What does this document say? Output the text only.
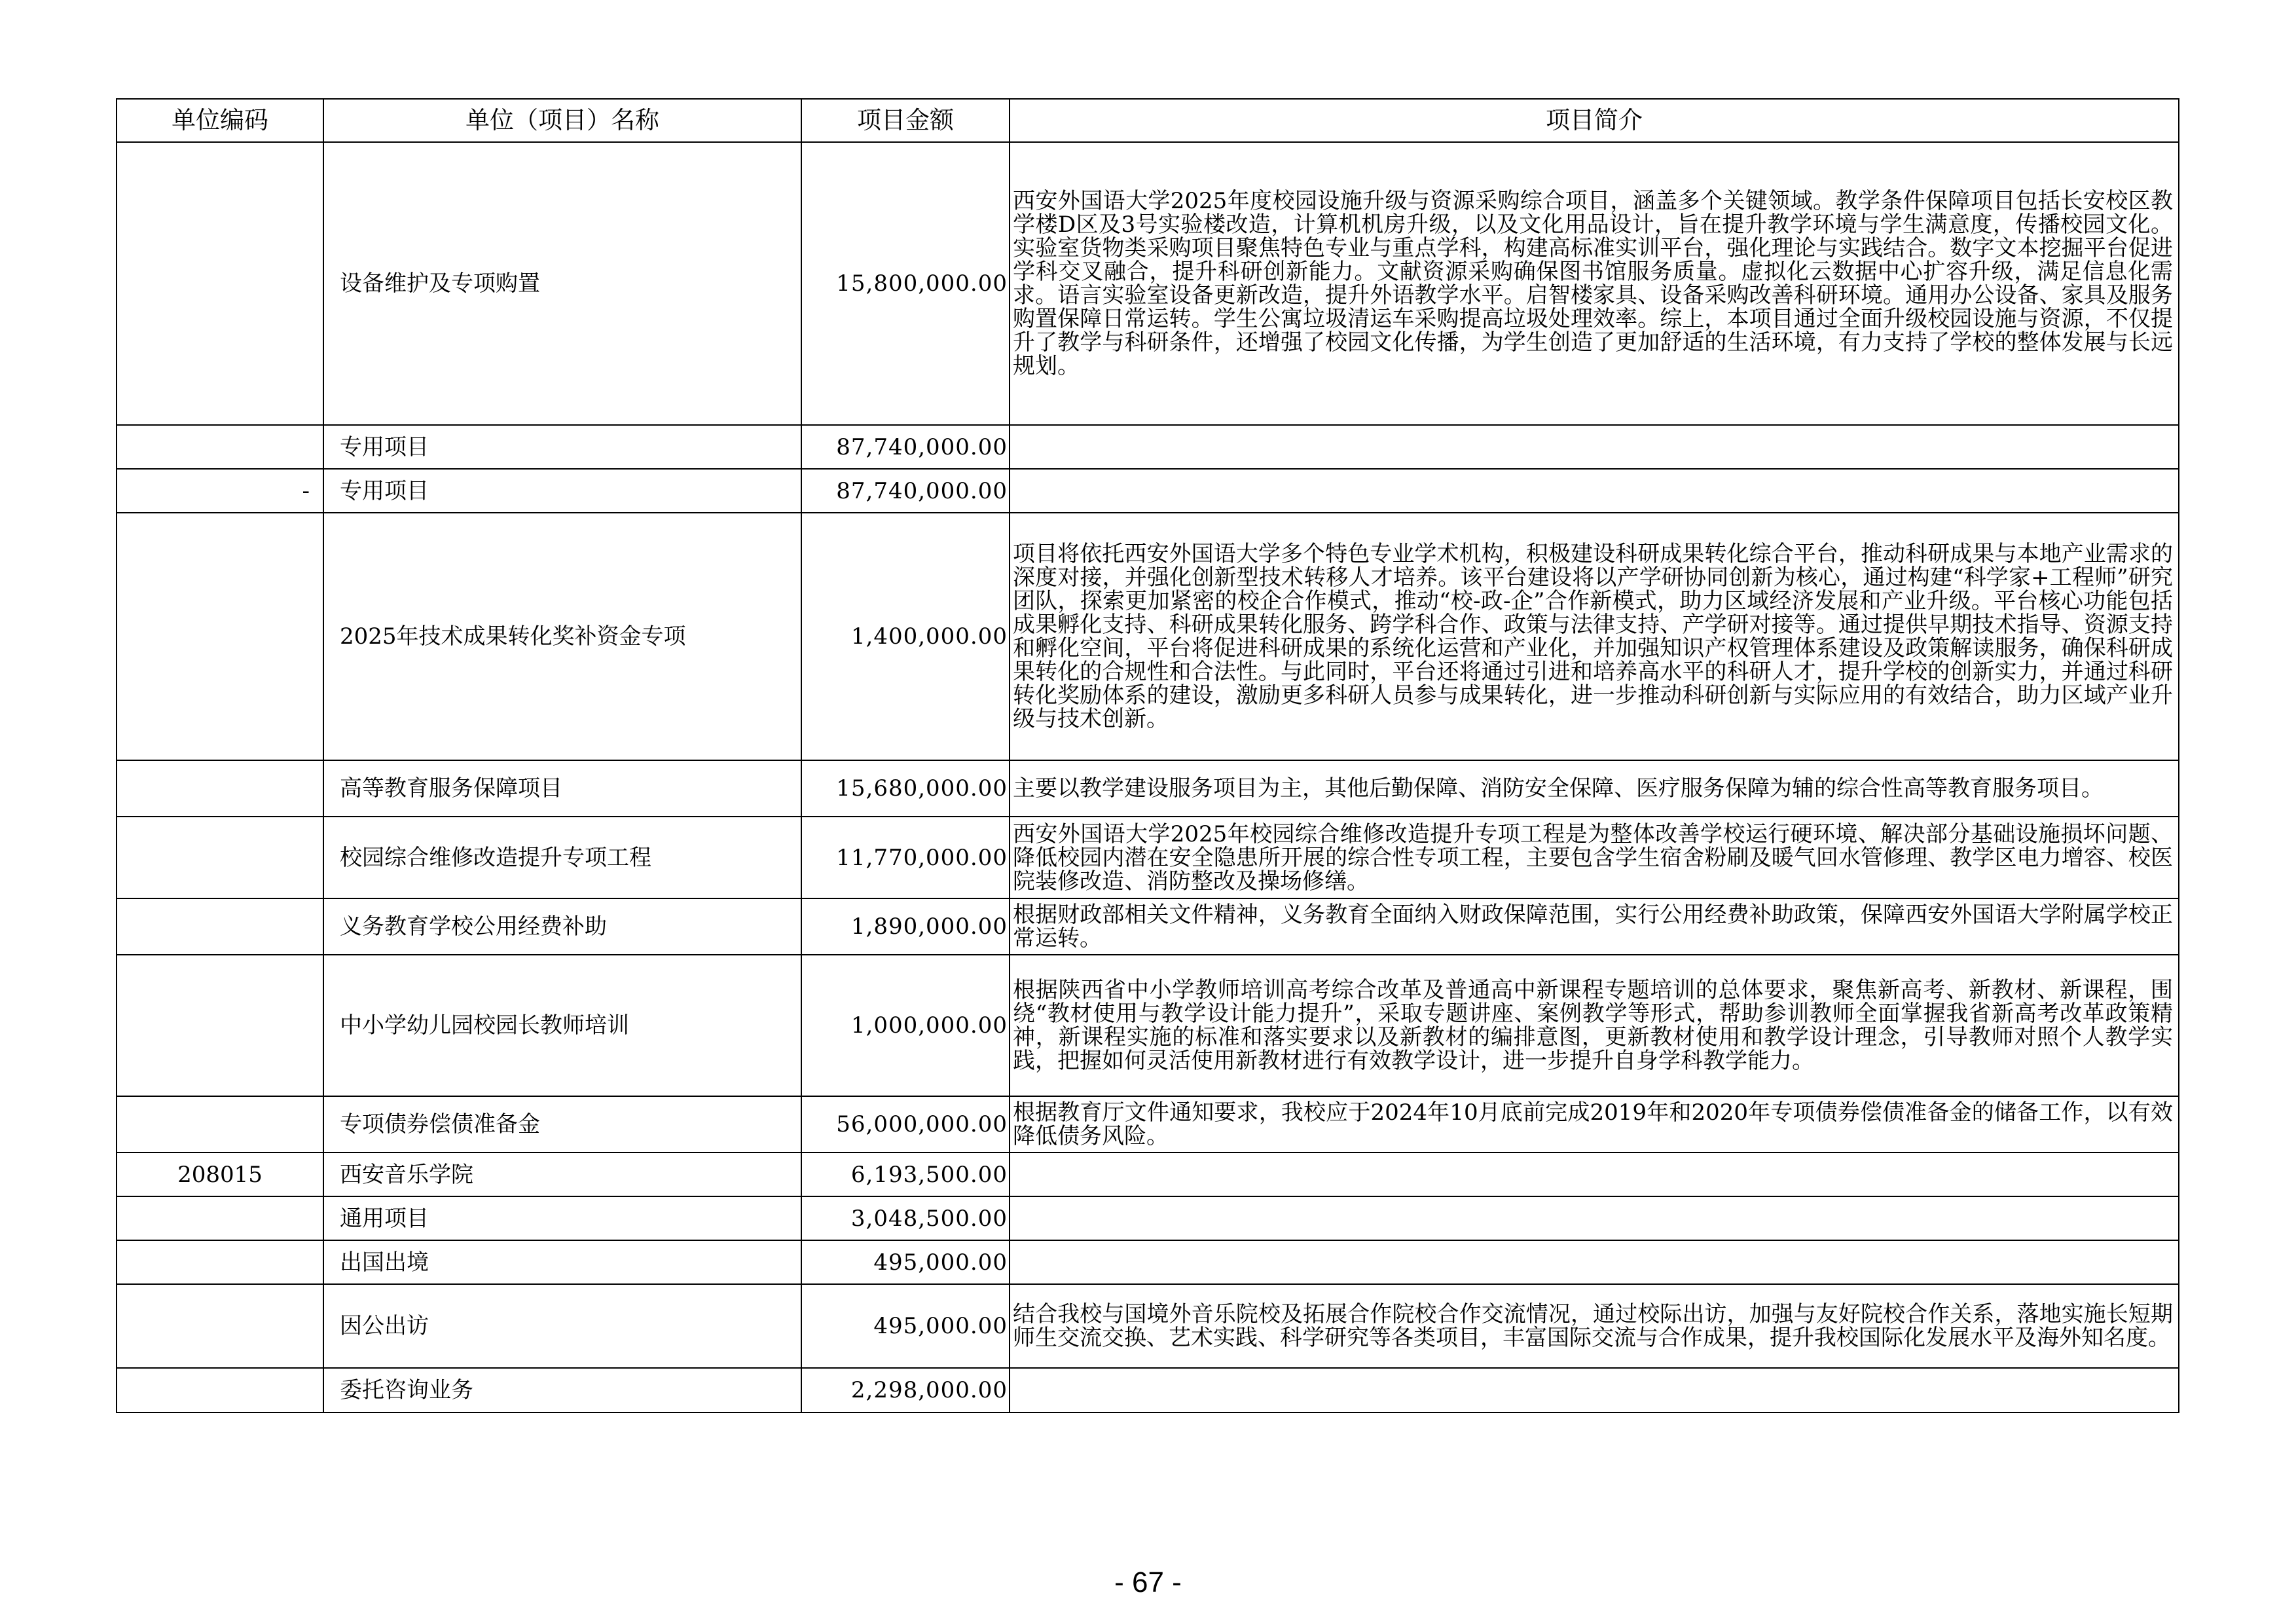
单位编码	单位（项目）名称	项目金额	项目简介
	设备维护及专项购置	15,800,000.00	西安外国语大学2025年度校园设施升级与资源采购综合项目，涵盖多个关键领域。教学条件保障项目包括长安校区教学楼D区及3号实验楼改造，计算机机房升级，以及文化用品设计，旨在提升教学环境与学生满意度，传播校园文化。实验室货物类采购项目聚焦特色专业与重点学科，构建高标准实训平台，强化理论与实践结合。数字文本挖掘平台促进学科交叉融合，提升科研创新能力。文献资源采购确保图书馆服务质量。虚拟化云数据中心扩容升级，满足信息化需求。语言实验室设备更新改造，提升外语教学水平。启智楼家具、设备采购改善科研环境。通用办公设备、家具及服务购置保障日常运转。学生公寓垃圾清运车采购提高垃圾处理效率。综上，本项目通过全面升级校园设施与资源，不仅提升了教学与科研条件，还增强了校园文化传播，为学生创造了更加舒适的生活环境，有力支持了学校的整体发展与长远规划。
	专用项目	87,740,000.00	
-	专用项目	87,740,000.00	
	2025年技术成果转化奖补资金专项	1,400,000.00	项目将依托西安外国语大学多个特色专业学术机构，积极建设科研成果转化综合平台，推动科研成果与本地产业需求的深度对接，并强化创新型技术转移人才培养。该平台建设将以产学研协同创新为核心，通过构建“科学家+工程师”研究团队，探索更加紧密的校企合作模式，推动“校-政-企”合作新模式，助力区域经济发展和产业升级。平台核心功能包括成果孵化支持、科研成果转化服务、跨学科合作、政策与法律支持、产学研对接等。通过提供早期技术指导、资源支持和孵化空间，平台将促进科研成果的系统化运营和产业化，并加强知识产权管理体系建设及政策解读服务，确保科研成果转化的合规性和合法性。与此同时，平台还将通过引进和培养高水平的科研人才，提升学校的创新实力，并通过科研转化奖励体系的建设，激励更多科研人员参与成果转化，进一步推动科研创新与实际应用的有效结合，助力区域产业升级与技术创新。
	高等教育服务保障项目	15,680,000.00	主要以教学建设服务项目为主，其他后勤保障、消防安全保障、医疗服务保障为辅的综合性高等教育服务项目。
	校园综合维修改造提升专项工程	11,770,000.00	西安外国语大学2025年校园综合维修改造提升专项工程是为整体改善学校运行硬环境、解决部分基础设施损坏问题、降低校园内潜在安全隐患所开展的综合性专项工程，主要包含学生宿舍粉刷及暖气回水管修理、教学区电力增容、校医院装修改造、消防整改及操场修缮。
	义务教育学校公用经费补助	1,890,000.00	根据财政部相关文件精神，义务教育全面纳入财政保障范围，实行公用经费补助政策，保障西安外国语大学附属学校正常运转。
	中小学幼儿园校园长教师培训	1,000,000.00	根据陕西省中小学教师培训高考综合改革及普通高中新课程专题培训的总体要求，聚焦新高考、新教材、新课程，围绕“教材使用与教学设计能力提升”，采取专题讲座、案例教学等形式，帮助参训教师全面掌握我省新高考改革政策精神，新课程实施的标准和落实要求以及新教材的编排意图，更新教材使用和教学设计理念，引导教师对照个人教学实践，把握如何灵活使用新教材进行有效教学设计，进一步提升自身学科教学能力。
	专项债券偿债准备金	56,000,000.00	根据教育厅文件通知要求，我校应于2024年10月底前完成2019年和2020年专项债券偿债准备金的储备工作，以有效降低债务风险。
208015	西安音乐学院	6,193,500.00	
	通用项目	3,048,500.00	
	出国出境	495,000.00	
	因公出访	495,000.00	结合我校与国境外音乐院校及拓展合作院校合作交流情况，通过校际出访，加强与友好院校合作关系，落地实施长短期师生交流交换、艺术实践、科学研究等各类项目，丰富国际交流与合作成果，提升我校国际化发展水平及海外知名度。
	委托咨询业务	2,298,000.00	
- 67 -
